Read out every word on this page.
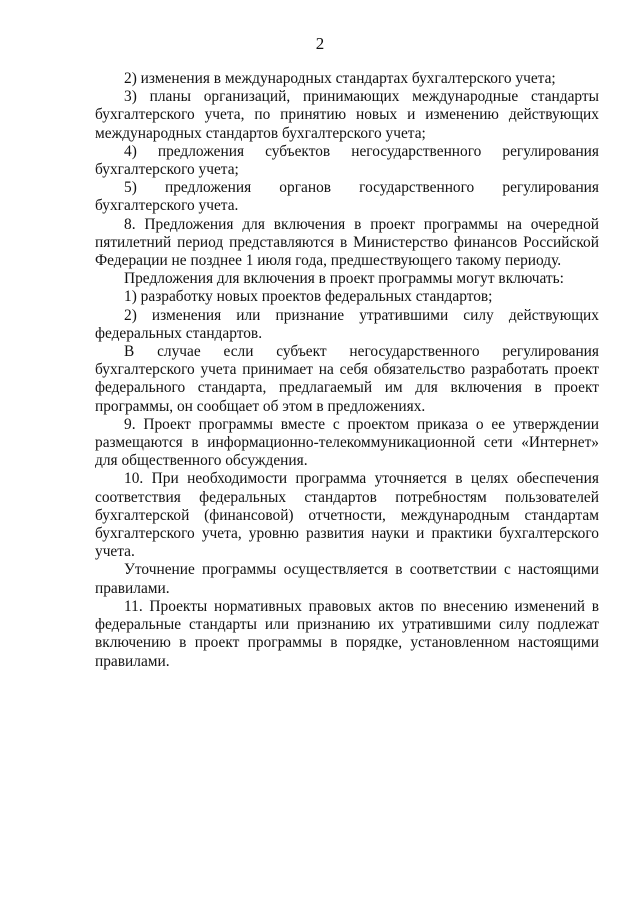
2

2) изменения в международных стандартах бухгалтерского учета;

3) планы организаций, принимающих международные стандарты бухгалтерского учета, по принятию новых и изменению действующих международных стандартов бухгалтерского учета;

4) предложения субъектов негосударственного регулирования бухгалтерского учета;

5) предложения органов государственного регулирования бухгалтерского учета.

8. Предложения для включения в проект программы на очередной пятилетний период представляются в Министерство финансов Российской Федерации не позднее 1 июля года, предшествующего такому периоду.

Предложения для включения в проект программы могут включать:

1) разработку новых проектов федеральных стандартов;

2) изменения или признание утратившими силу действующих федеральных стандартов.

В случае если субъект негосударственного регулирования бухгалтерского учета принимает на себя обязательство разработать проект федерального стандарта, предлагаемый им для включения в проект программы, он сообщает об этом в предложениях.

9. Проект программы вместе с проектом приказа о ее утверждении размещаются в информационно-телекоммуникационной сети «Интернет» для общественного обсуждения.

10. При необходимости программа уточняется в целях обеспечения соответствия федеральных стандартов потребностям пользователей бухгалтерской (финансовой) отчетности, международным стандартам бухгалтерского учета, уровню развития науки и практики бухгалтерского учета.

Уточнение программы осуществляется в соответствии с настоящими правилами.

11. Проекты нормативных правовых актов по внесению изменений в федеральные стандарты или признанию их утратившими силу подлежат включению в проект программы в порядке, установленном настоящими правилами.
